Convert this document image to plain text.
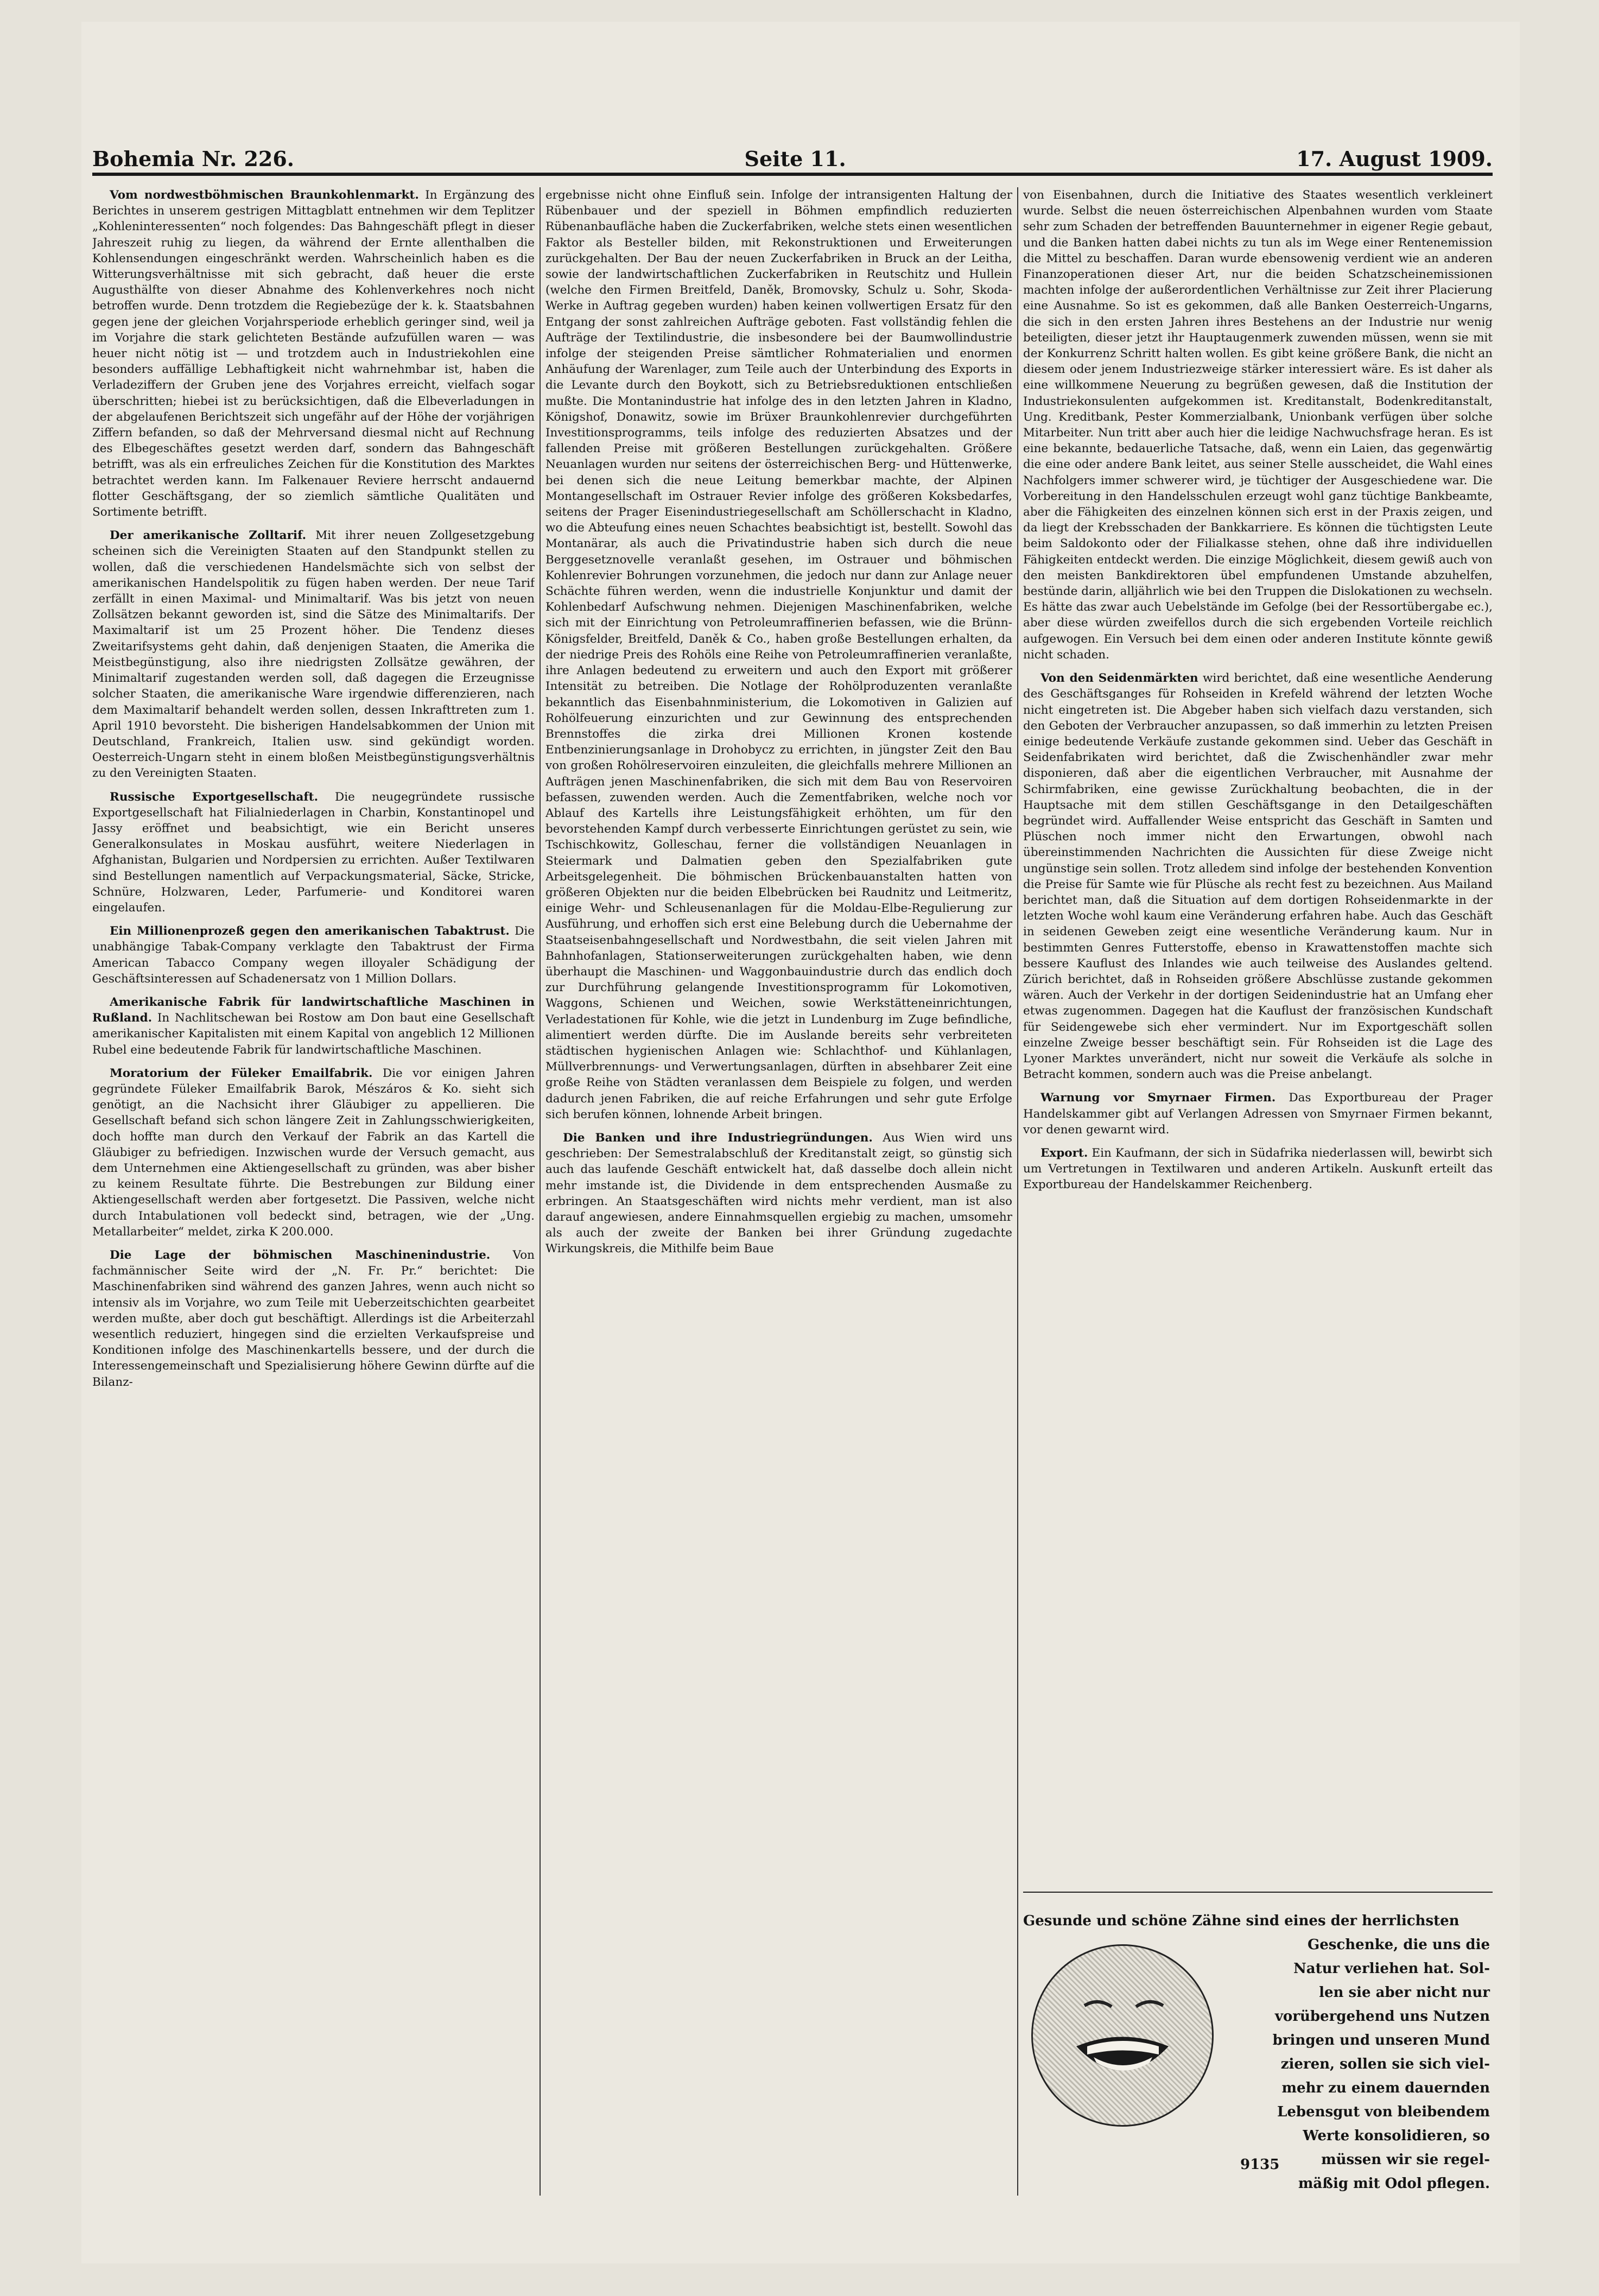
Bohemia Nr. 226.	Seite 11.	17. August 1909.

Vom nordwestböhmischen Braunkohlenmarkt. In Ergänzung des Berichtes in unserem gestrigen Mittagblatt entnehmen wir dem Teplitzer „Kohleninteressenten“ noch folgendes: Das Bahngeschäft pflegt in dieser Jahreszeit ruhig zu liegen, da während der Ernte allenthalben die Kohlensendungen eingeschränkt werden. Wahrscheinlich haben es die Witterungsverhältnisse mit sich gebracht, daß heuer die erste Augusthälfte von dieser Abnahme des Kohlenverkehres noch nicht betroffen wurde. Denn trotzdem die Regiebezüge der k. k. Staatsbahnen gegen jene der gleichen Vorjahrsperiode erheblich geringer sind, weil ja im Vorjahre die stark gelichteten Bestände aufzufüllen waren — was heuer nicht nötig ist — und trotzdem auch in Industriekohlen eine besonders auffällige Lebhaftigkeit nicht wahrnehmbar ist, haben die Verladeziffern der Gruben jene des Vorjahres erreicht, vielfach sogar überschritten; hiebei ist zu berücksichtigen, daß die Elbeverladungen in der abgelaufenen Berichtszeit sich ungefähr auf der Höhe der vorjährigen Ziffern befanden, so daß der Mehrversand diesmal nicht auf Rechnung des Elbegeschäftes gesetzt werden darf, sondern das Bahngeschäft betrifft, was als ein erfreuliches Zeichen für die Konstitution des Marktes betrachtet werden kann. Im Falkenauer Reviere herrscht andauernd flotter Geschäftsgang, der so ziemlich sämtliche Qualitäten und Sortimente betrifft.

Der amerikanische Zolltarif. Mit ihrer neuen Zollgesetzgebung scheinen sich die Vereinigten Staaten auf den Standpunkt stellen zu wollen, daß die verschiedenen Handelsmächte sich von selbst der amerikanischen Handelspolitik zu fügen haben werden. Der neue Tarif zerfällt in einen Maximal- und Minimaltarif. Was bis jetzt von neuen Zollsätzen bekannt geworden ist, sind die Sätze des Minimaltarifs. Der Maximaltarif ist um 25 Prozent höher. Die Tendenz dieses Zweitarifsystems geht dahin, daß denjenigen Staaten, die Amerika die Meistbegünstigung, also ihre niedrigsten Zollsätze gewähren, der Minimaltarif zugestanden werden soll, daß dagegen die Erzeugnisse solcher Staaten, die amerikanische Ware irgendwie differenzieren, nach dem Maximaltarif behandelt werden sollen, dessen Inkrafttreten zum 1. April 1910 bevorsteht. Die bisherigen Handelsabkommen der Union mit Deutschland, Frankreich, Italien usw. sind gekündigt worden. Oesterreich-Ungarn steht in einem bloßen Meistbegünstigungsverhältnis zu den Vereinigten Staaten.

Russische Exportgesellschaft. Die neugegründete russische Exportgesellschaft hat Filialniederlagen in Charbin, Konstantinopel und Jassy eröffnet und beabsichtigt, wie ein Bericht unseres Generalkonsulates in Moskau ausführt, weitere Niederlagen in Afghanistan, Bulgarien und Nordpersien zu errichten. Außer Textilwaren sind Bestellungen namentlich auf Verpackungsmaterial, Säcke, Stricke, Schnüre, Holzwaren, Leder, Parfumerie- und Konditorei waren eingelaufen.

Ein Millionenprozeß gegen den amerikanischen Tabaktrust. Die unabhängige Tabak-Company verklagte den Tabaktrust der Firma American Tabacco Company wegen illoyaler Schädigung der Geschäftsinteressen auf Schadenersatz von 1 Million Dollars.

Amerikanische Fabrik für landwirtschaftliche Maschinen in Rußland. In Nachlitschewan bei Rostow am Don baut eine Gesellschaft amerikanischer Kapitalisten mit einem Kapital von angeblich 12 Millionen Rubel eine bedeutende Fabrik für landwirtschaftliche Maschinen.

Moratorium der Füleker Emailfabrik. Die vor einigen Jahren gegründete Füleker Emailfabrik Barok, Mészáros & Ko. sieht sich genötigt, an die Nachsicht ihrer Gläubiger zu appellieren. Die Gesellschaft befand sich schon längere Zeit in Zahlungsschwierigkeiten, doch hoffte man durch den Verkauf der Fabrik an das Kartell die Gläubiger zu befriedigen. Inzwischen wurde der Versuch gemacht, aus dem Unternehmen eine Aktiengesellschaft zu gründen, was aber bisher zu keinem Resultate führte. Die Bestrebungen zur Bildung einer Aktiengesellschaft werden aber fortgesetzt. Die Passiven, welche nicht durch Intabulationen voll bedeckt sind, betragen, wie der „Ung. Metallarbeiter“ meldet, zirka K 200.000.

Die Lage der böhmischen Maschinenindustrie. Von fachmännischer Seite wird der „N. Fr. Pr.“ berichtet: Die Maschinenfabriken sind während des ganzen Jahres, wenn auch nicht so intensiv als im Vorjahre, wo zum Teile mit Ueberzeitschichten gearbeitet werden mußte, aber doch gut beschäftigt. Allerdings ist die Arbeiterzahl wesentlich reduziert, hingegen sind die erzielten Verkaufspreise und Konditionen infolge des Maschinenkartells bessere, und der durch die Interessengemeinschaft und Spezialisierung höhere Gewinn dürfte auf die Bilanz-

ergebnisse nicht ohne Einfluß sein. Infolge der intransigenten Haltung der Rübenbauer und der speziell in Böhmen empfindlich reduzierten Rübenanbaufläche haben die Zuckerfabriken, welche stets einen wesentlichen Faktor als Besteller bilden, mit Rekonstruktionen und Erweiterungen zurückgehalten. Der Bau der neuen Zuckerfabriken in Bruck an der Leitha, sowie der landwirtschaftlichen Zuckerfabriken in Reutschitz und Hullein (welche den Firmen Breitfeld, Daněk, Bromovsky, Schulz u. Sohr, Skoda-Werke in Auftrag gegeben wurden) haben keinen vollwertigen Ersatz für den Entgang der sonst zahlreichen Aufträge geboten. Fast vollständig fehlen die Aufträge der Textilindustrie, die insbesondere bei der Baumwollindustrie infolge der steigenden Preise sämtlicher Rohmaterialien und enormen Anhäufung der Warenlager, zum Teile auch der Unterbindung des Exports in die Levante durch den Boykott, sich zu Betriebsreduktionen entschließen mußte. Die Montanindustrie hat infolge des in den letzten Jahren in Kladno, Königshof, Donawitz, sowie im Brüxer Braunkohlenrevier durchgeführten Investitionsprogramms, teils infolge des reduzierten Absatzes und der fallenden Preise mit größeren Bestellungen zurückgehalten. Größere Neuanlagen wurden nur seitens der österreichischen Berg- und Hüttenwerke, bei denen sich die neue Leitung bemerkbar machte, der Alpinen Montangesellschaft im Ostrauer Revier infolge des größeren Koksbedarfes, seitens der Prager Eisenindustriegesellschaft am Schöllerschacht in Kladno, wo die Abteufung eines neuen Schachtes beabsichtigt ist, bestellt. Sowohl das Montanärar, als auch die Privatindustrie haben sich durch die neue Berggesetznovelle veranlaßt gesehen, im Ostrauer und böhmischen Kohlenrevier Bohrungen vorzunehmen, die jedoch nur dann zur Anlage neuer Schächte führen werden, wenn die industrielle Konjunktur und damit der Kohlenbedarf Aufschwung nehmen. Diejenigen Maschinenfabriken, welche sich mit der Einrichtung von Petroleumraffinerien befassen, wie die Brünn-Königsfelder, Breitfeld, Daněk & Co., haben große Bestellungen erhalten, da der niedrige Preis des Rohöls eine Reihe von Petroleumraffinerien veranlaßte, ihre Anlagen bedeutend zu erweitern und auch den Export mit größerer Intensität zu betreiben. Die Notlage der Rohölproduzenten veranlaßte bekanntlich das Eisenbahnministerium, die Lokomotiven in Galizien auf Rohölfeuerung einzurichten und zur Gewinnung des entsprechenden Brennstoffes die zirka drei Millionen Kronen kostende Entbenzinierungsanlage in Drohobycz zu errichten, in jüngster Zeit den Bau von großen Rohölreservoiren einzuleiten, die gleichfalls mehrere Millionen an Aufträgen jenen Maschinenfabriken, die sich mit dem Bau von Reservoiren befassen, zuwenden werden. Auch die Zementfabriken, welche noch vor Ablauf des Kartells ihre Leistungsfähigkeit erhöhten, um für den bevorstehenden Kampf durch verbesserte Einrichtungen gerüstet zu sein, wie Tschischkowitz, Golleschau, ferner die vollständigen Neuanlagen in Steiermark und Dalmatien geben den Spezialfabriken gute Arbeitsgelegenheit. Die böhmischen Brückenbauanstalten hatten von größeren Objekten nur die beiden Elbebrücken bei Raudnitz und Leitmeritz, einige Wehr- und Schleusenanlagen für die Moldau-Elbe-Regulierung zur Ausführung, und erhoffen sich erst eine Belebung durch die Uebernahme der Staatseisenbahngesellschaft und Nordwestbahn, die seit vielen Jahren mit Bahnhofanlagen, Stationserweiterungen zurückgehalten haben, wie denn überhaupt die Maschinen- und Waggonbauindustrie durch das endlich doch zur Durchführung gelangende Investitionsprogramm für Lokomotiven, Waggons, Schienen und Weichen, sowie Werkstätteneinrichtungen, Verladestationen für Kohle, wie die jetzt in Lundenburg im Zuge befindliche, alimentiert werden dürfte. Die im Auslande bereits sehr verbreiteten städtischen hygienischen Anlagen wie: Schlachthof- und Kühlanlagen, Müllverbrennungs- und Verwertungsanlagen, dürften in absehbarer Zeit eine große Reihe von Städten veranlassen dem Beispiele zu folgen, und werden dadurch jenen Fabriken, die auf reiche Erfahrungen und sehr gute Erfolge sich berufen können, lohnende Arbeit bringen.

Die Banken und ihre Industriegründungen. Aus Wien wird uns geschrieben: Der Semestralabschluß der Kreditanstalt zeigt, so günstig sich auch das laufende Geschäft entwickelt hat, daß dasselbe doch allein nicht mehr imstande ist, die Dividende in dem entsprechenden Ausmaße zu erbringen. An Staatsgeschäften wird nichts mehr verdient, man ist also darauf angewiesen, andere Einnahmsquellen ergiebig zu machen, umsomehr als auch der zweite der Banken bei ihrer Gründung zugedachte Wirkungskreis, die Mithilfe beim Baue

von Eisenbahnen, durch die Initiative des Staates wesentlich verkleinert wurde. Selbst die neuen österreichischen Alpenbahnen wurden vom Staate sehr zum Schaden der betreffenden Bauunternehmer in eigener Regie gebaut, und die Banken hatten dabei nichts zu tun als im Wege einer Rentenemission die Mittel zu beschaffen. Daran wurde ebensowenig verdient wie an anderen Finanzoperationen dieser Art, nur die beiden Schatzscheinemissionen machten infolge der außerordentlichen Verhältnisse zur Zeit ihrer Placierung eine Ausnahme. So ist es gekommen, daß alle Banken Oesterreich-Ungarns, die sich in den ersten Jahren ihres Bestehens an der Industrie nur wenig beteiligten, dieser jetzt ihr Hauptaugenmerk zuwenden müssen, wenn sie mit der Konkurrenz Schritt halten wollen. Es gibt keine größere Bank, die nicht an diesem oder jenem Industriezweige stärker interessiert wäre. Es ist daher als eine willkommene Neuerung zu begrüßen gewesen, daß die Institution der Industriekonsulenten aufgekommen ist. Kreditanstalt, Bodenkreditanstalt, Ung. Kreditbank, Pester Kommerzialbank, Unionbank verfügen über solche Mitarbeiter. Nun tritt aber auch hier die leidige Nachwuchsfrage heran. Es ist eine bekannte, bedauerliche Tatsache, daß, wenn ein Laien, das gegenwärtig die eine oder andere Bank leitet, aus seiner Stelle ausscheidet, die Wahl eines Nachfolgers immer schwerer wird, je tüchtiger der Ausgeschiedene war. Die Vorbereitung in den Handelsschulen erzeugt wohl ganz tüchtige Bankbeamte, aber die Fähigkeiten des einzelnen können sich erst in der Praxis zeigen, und da liegt der Krebsschaden der Bankkarriere. Es können die tüchtigsten Leute beim Saldokonto oder der Filialkasse stehen, ohne daß ihre individuellen Fähigkeiten entdeckt werden. Die einzige Möglichkeit, diesem gewiß auch von den meisten Bankdirektoren übel empfundenen Umstande abzuhelfen, bestünde darin, alljährlich wie bei den Truppen die Dislokationen zu wechseln. Es hätte das zwar auch Uebelstände im Gefolge (bei der Ressortübergabe ec.), aber diese würden zweifellos durch die sich ergebenden Vorteile reichlich aufgewogen. Ein Versuch bei dem einen oder anderen Institute könnte gewiß nicht schaden.

Von den Seidenmärkten wird berichtet, daß eine wesentliche Aenderung des Geschäftsganges für Rohseiden in Krefeld während der letzten Woche nicht eingetreten ist. Die Abgeber haben sich vielfach dazu verstanden, sich den Geboten der Verbraucher anzupassen, so daß immerhin zu letzten Preisen einige bedeutende Verkäufe zustande gekommen sind. Ueber das Geschäft in Seidenfabrikaten wird berichtet, daß die Zwischenhändler zwar mehr disponieren, daß aber die eigentlichen Verbraucher, mit Ausnahme der Schirmfabriken, eine gewisse Zurückhaltung beobachten, die in der Hauptsache mit dem stillen Geschäftsgange in den Detailgeschäften begründet wird. Auffallender Weise entspricht das Geschäft in Samten und Plüschen noch immer nicht den Erwartungen, obwohl nach übereinstimmenden Nachrichten die Aussichten für diese Zweige nicht ungünstige sein sollen. Trotz alledem sind infolge der bestehenden Konvention die Preise für Samte wie für Plüsche als recht fest zu bezeichnen. Aus Mailand berichtet man, daß die Situation auf dem dortigen Rohseidenmarkte in der letzten Woche wohl kaum eine Veränderung erfahren habe. Auch das Geschäft in seidenen Geweben zeigt eine wesentliche Veränderung kaum. Nur in bestimmten Genres Futterstoffe, ebenso in Krawattenstoffen machte sich bessere Kauflust des Inlandes wie auch teilweise des Auslandes geltend. Zürich berichtet, daß in Rohseiden größere Abschlüsse zustande gekommen wären. Auch der Verkehr in der dortigen Seidenindustrie hat an Umfang eher etwas zugenommen. Dagegen hat die Kauflust der französischen Kundschaft für Seidengewebe sich eher vermindert. Nur im Exportgeschäft sollen einzelne Zweige besser beschäftigt sein. Für Rohseiden ist die Lage des Lyoner Marktes unverändert, nicht nur soweit die Verkäufe als solche in Betracht kommen, sondern auch was die Preise anbelangt.

Warnung vor Smyrnaer Firmen. Das Exportbureau der Prager Handelskammer gibt auf Verlangen Adressen von Smyrnaer Firmen bekannt, vor denen gewarnt wird.

Export. Ein Kaufmann, der sich in Südafrika niederlassen will, bewirbt sich um Vertretungen in Textilwaren und anderen Artikeln. Auskunft erteilt das Exportbureau der Handelskammer Reichenberg.

Gesunde und schöne Zähne sind eines der herrlichsten
Geschenke, die uns die
Natur verliehen hat. Sol-
len sie aber nicht nur
vorübergehend uns Nutzen
bringen und unseren Mund
zieren, sollen sie sich viel-
mehr zu einem dauernden
Lebensgut von bleibendem
Werte konsolidieren, so
müssen wir sie regel-
mäßig mit Odol pflegen.
9135
